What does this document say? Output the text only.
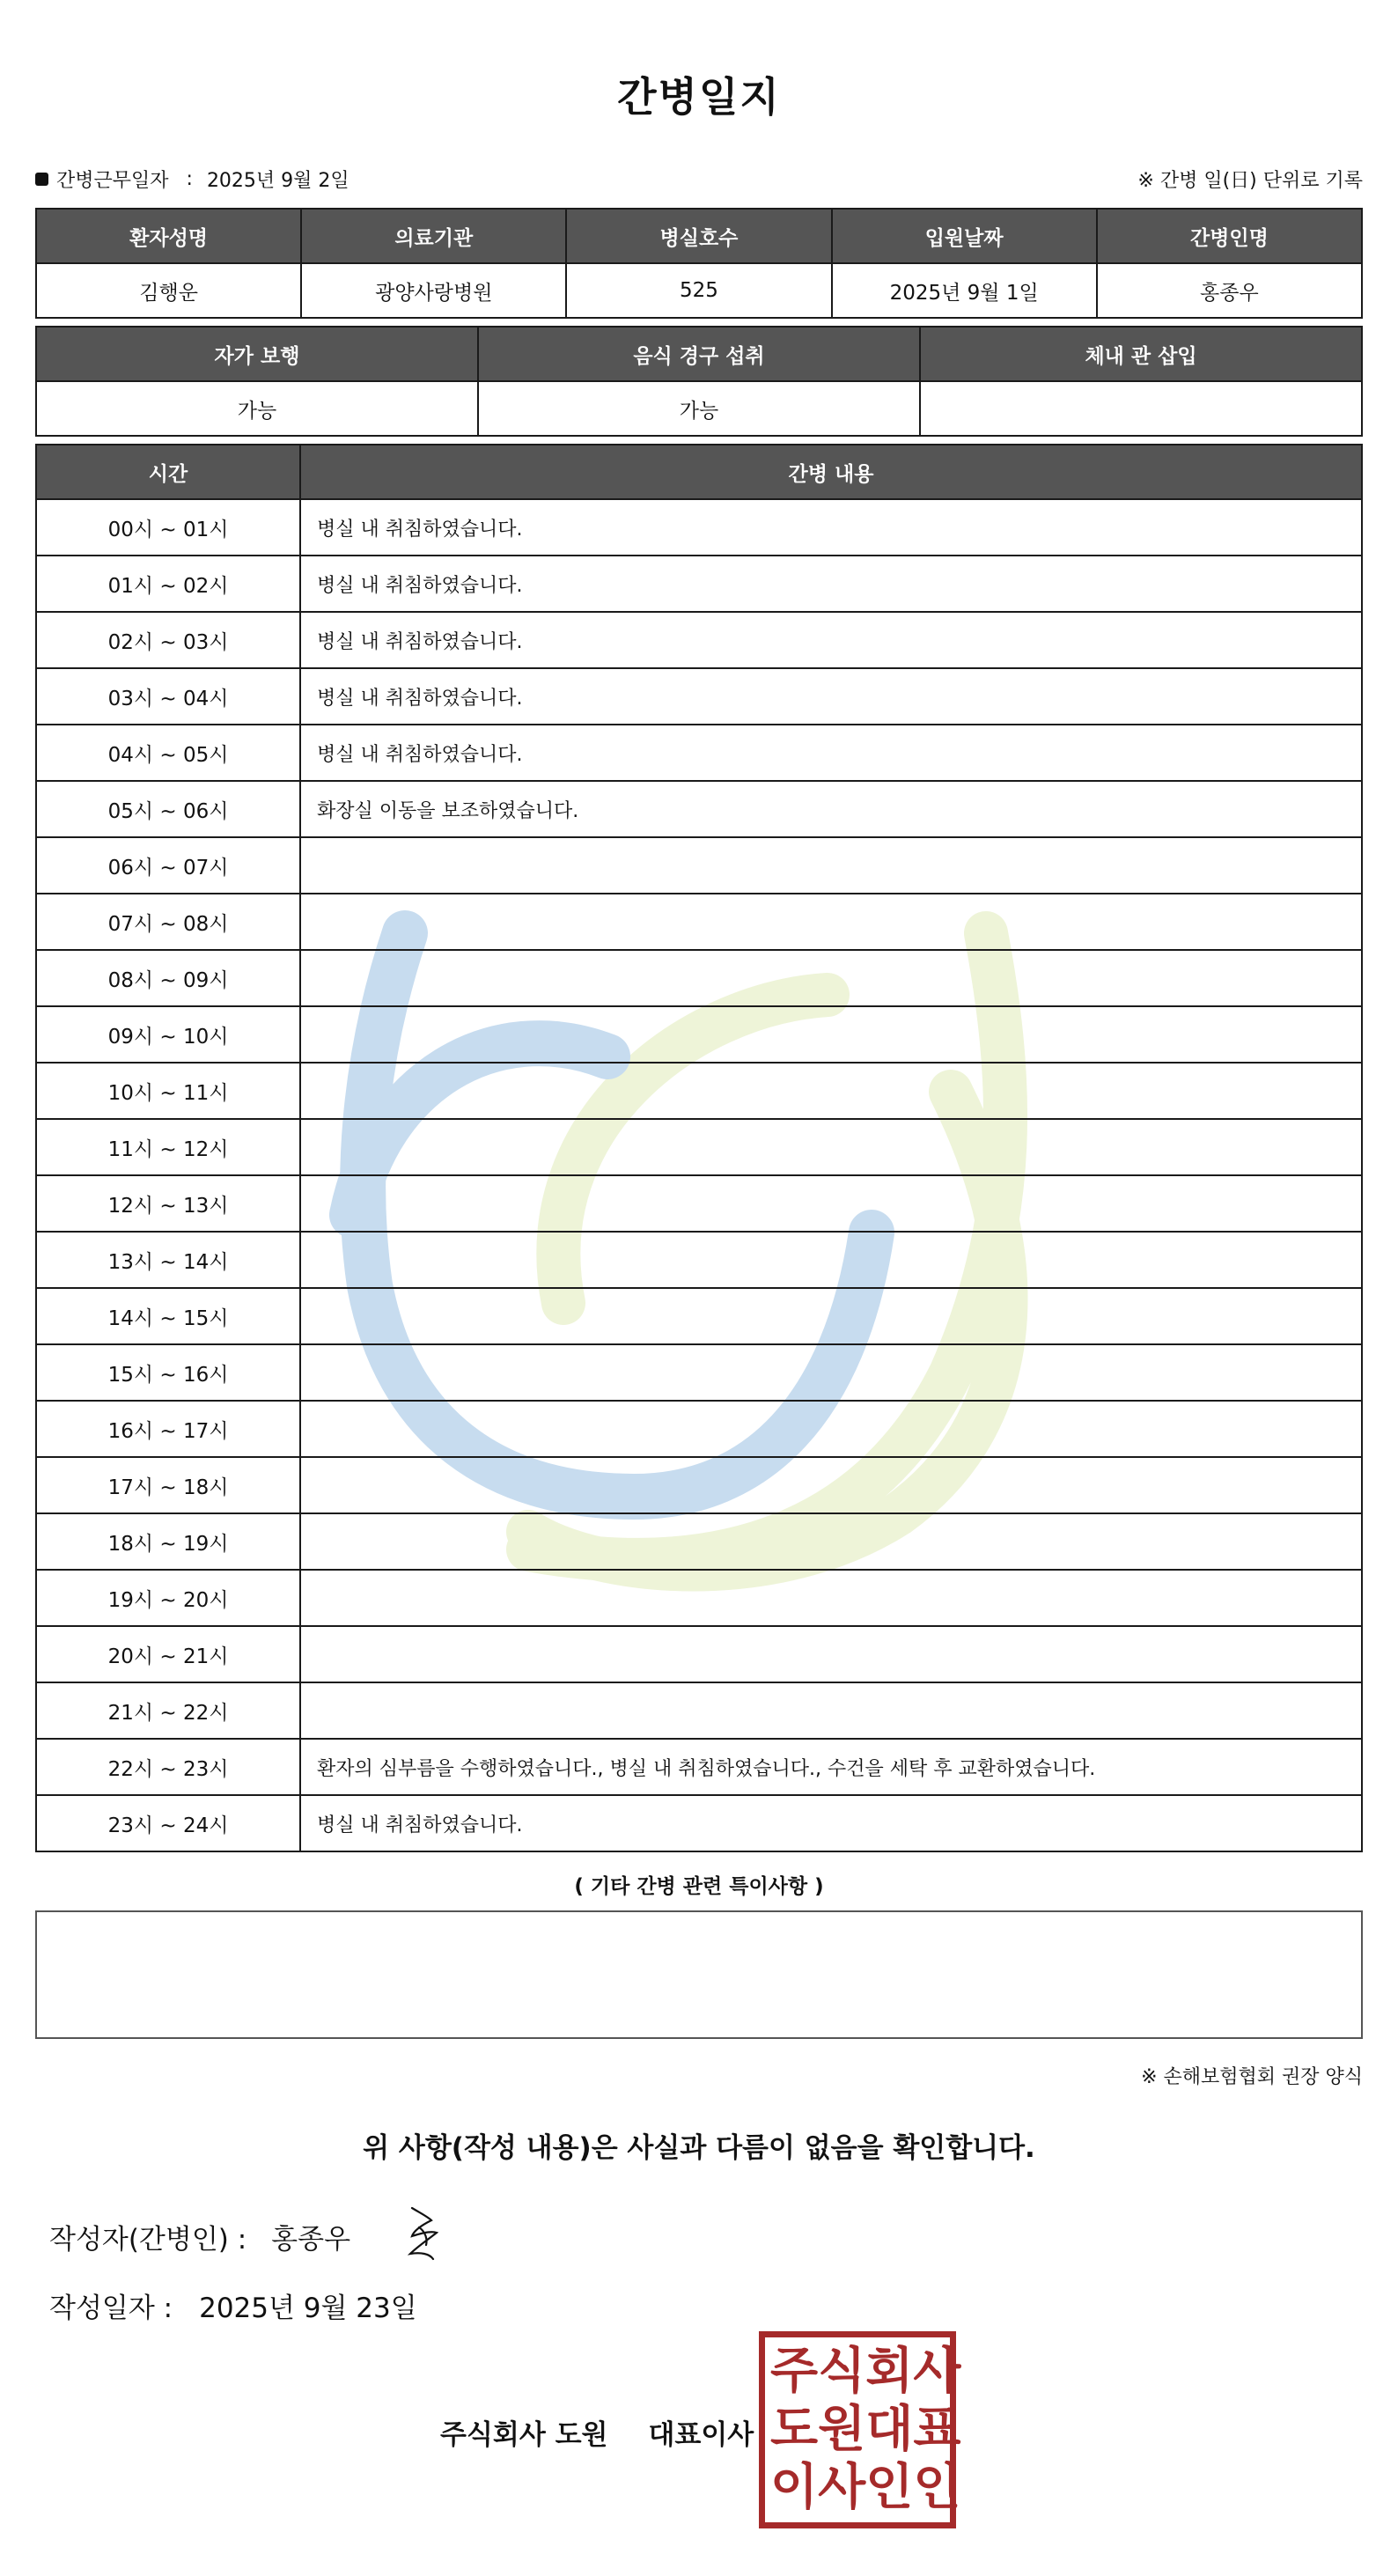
간병일지
간병근무일자 : 2025년 9월 2일	※ 간병 일(日) 단위로 기록
환자성명	의료기관	병실호수	입원날짜	간병인명
김행운	광양사랑병원	525	2025년 9월 1일	홍종우
자가 보행	음식 경구 섭취	체내 관 삽입
가능	가능	
시간	간병 내용
00시 ~ 01시	병실 내 취침하였습니다.
01시 ~ 02시	병실 내 취침하였습니다.
02시 ~ 03시	병실 내 취침하였습니다.
03시 ~ 04시	병실 내 취침하였습니다.
04시 ~ 05시	병실 내 취침하였습니다.
05시 ~ 06시	화장실 이동을 보조하였습니다.
06시 ~ 07시	
07시 ~ 08시	
08시 ~ 09시	
09시 ~ 10시	
10시 ~ 11시	
11시 ~ 12시	
12시 ~ 13시	
13시 ~ 14시	
14시 ~ 15시	
15시 ~ 16시	
16시 ~ 17시	
17시 ~ 18시	
18시 ~ 19시	
19시 ~ 20시	
20시 ~ 21시	
21시 ~ 22시	
22시 ~ 23시	환자의 심부름을 수행하였습니다., 병실 내 취침하였습니다., 수건을 세탁 후 교환하였습니다.
23시 ~ 24시	병실 내 취침하였습니다.
( 기타 간병 관련 특이사항 )
※ 손해보험협회 권장 양식
위 사항(작성 내용)은 사실과 다름이 없음을 확인합니다.
작성자(간병인) : 홍종우
작성일자 : 2025년 9월 23일
주식회사 도원 대표이사
주 식 회 사
도 원 대 표
이 사 인 인
